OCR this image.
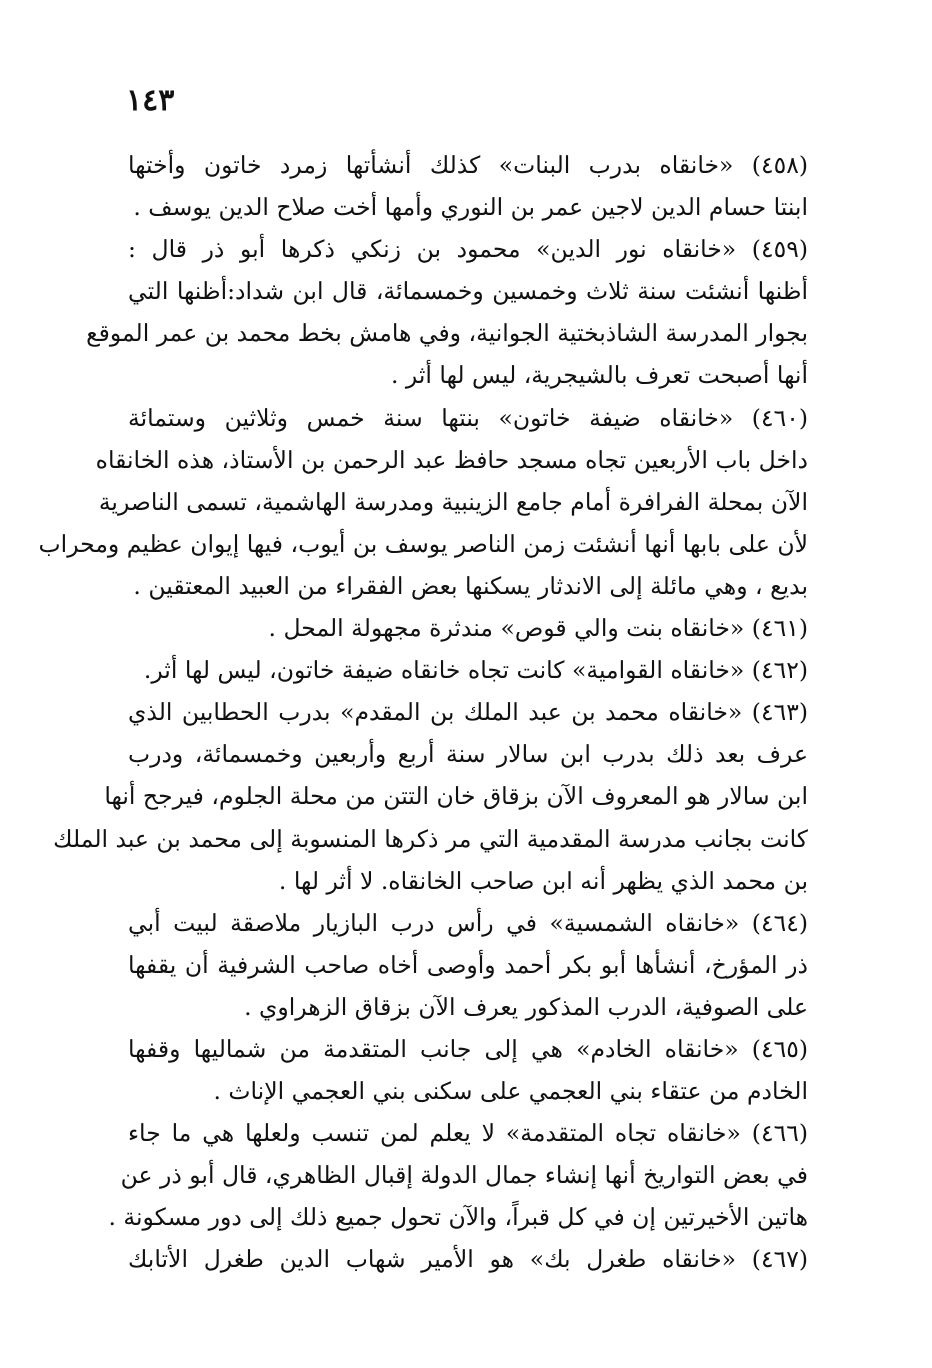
١٤٣
(٤٥٨) «خانقاه بدرب البنات» كذلك أنشأتها زمرد خاتون وأختها
ابنتا حسام الدين لاجين عمر بن النوري وأمها أخت صلاح الدين يوسف .
(٤٥٩) «خانقاه نور الدين» محمود بن زنكي ذكرها أبو ذر قال :
أظنها أنشئت سنة ثلاث وخمسين وخمسمائة، قال ابن شداد:أظنها التي
بجوار المدرسة الشاذبختية الجوانية، وفي هامش بخط محمد بن عمر الموقع
أنها أصبحت تعرف بالشيجرية، ليس لها أثر .
(٤٦٠) «خانقاه ضيفة خاتون» بنتها سنة خمس وثلاثين وستمائة
داخل باب الأربعين تجاه مسجد حافظ عبد الرحمن بن الأستاذ، هذه الخانقاه
الآن بمحلة الفرافرة أمام جامع الزينبية ومدرسة الهاشمية، تسمى الناصرية
لأن على بابها أنها أنشئت زمن الناصر يوسف بن أيوب، فيها إيوان عظيم ومحراب
بديع ، وهي مائلة إلى الاندثار يسكنها بعض الفقراء من العبيد المعتقين .
(٤٦١) «خانقاه بنت والي قوص» مندثرة مجهولة المحل .
(٤٦٢) «خانقاه القوامية» كانت تجاه خانقاه ضيفة خاتون، ليس لها أثر.
(٤٦٣) «خانقاه محمد بن عبد الملك بن المقدم» بدرب الحطابين الذي
عرف بعد ذلك بدرب ابن سالار سنة أربع وأربعين وخمسمائة، ودرب
ابن سالار هو المعروف الآن بزقاق خان التتن من محلة الجلوم، فيرجح أنها
كانت بجانب مدرسة المقدمية التي مر ذكرها المنسوبة إلى محمد بن عبد الملك
بن محمد الذي يظهر أنه ابن صاحب الخانقاه. لا أثر لها .
(٤٦٤) «خانقاه الشمسية» في رأس درب البازيار ملاصقة لبيت أبي
ذر المؤرخ، أنشأها أبو بكر أحمد وأوصى أخاه صاحب الشرفية أن يقفها
على الصوفية، الدرب المذكور يعرف الآن بزقاق الزهراوي .
(٤٦٥) «خانقاه الخادم» هي إلى جانب المتقدمة من شماليها وقفها
الخادم من عتقاء بني العجمي على سكنى بني العجمي الإناث .
(٤٦٦) «خانقاه تجاه المتقدمة» لا يعلم لمن تنسب ولعلها هي ما جاء
في بعض التواريخ أنها إنشاء جمال الدولة إقبال الظاهري، قال أبو ذر عن
هاتين الأخيرتين إن في كل قبراً، والآن تحول جميع ذلك إلى دور مسكونة .
(٤٦٧) «خانقاه طغرل بك» هو الأمير شهاب الدين طغرل الأتابك
